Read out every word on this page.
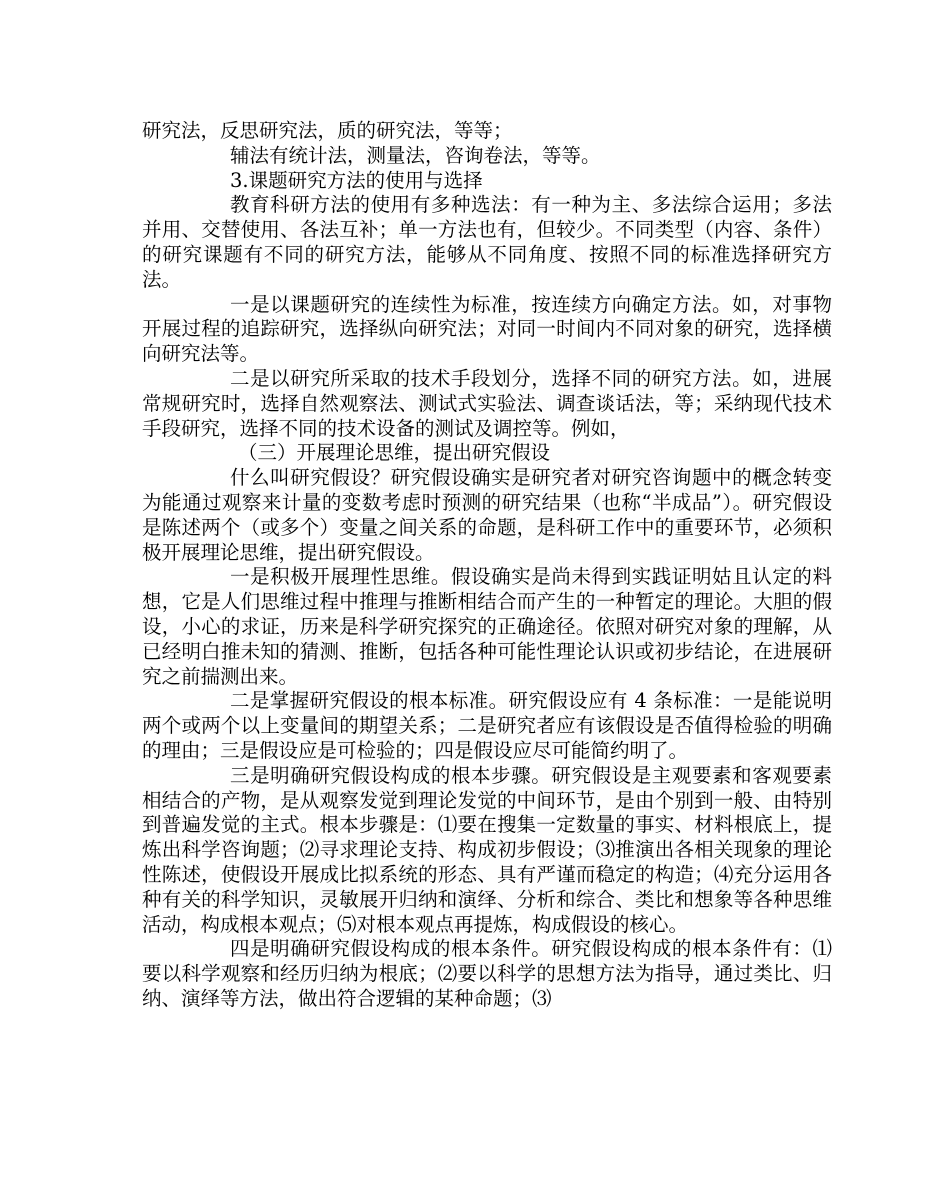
研究法，反思研究法，质的研究法，等等；

辅法有统计法，测量法，咨询卷法，等等。

3.课题研究方法的使用与选择

教育科研方法的使用有多种选法：有一种为主、多法综合运用；多法并用、交替使用、各法互补；单一方法也有，但较少。不同类型（内容、条件）的研究课题有不同的研究方法，能够从不同角度、按照不同的标准选择研究方法。

一是以课题研究的连续性为标准，按连续方向确定方法。如，对事物开展过程的追踪研究，选择纵向研究法；对同一时间内不同对象的研究，选择横向研究法等。

二是以研究所采取的技术手段划分，选择不同的研究方法。如，进展常规研究时，选择自然观察法、测试式实验法、调查谈话法，等；采纳现代技术手段研究，选择不同的技术设备的测试及调控等。例如，

（三）开展理论思维，提出研究假设

什么叫研究假设？研究假设确实是研究者对研究咨询题中的概念转变为能通过观察来计量的变数考虑时预测的研究结果（也称“半成品”）。研究假设是陈述两个（或多个）变量之间关系的命题，是科研工作中的重要环节，必须积极开展理论思维，提出研究假设。

一是积极开展理性思维。假设确实是尚未得到实践证明姑且认定的料想，它是人们思维过程中推理与推断相结合而产生的一种暂定的理论。大胆的假设，小心的求证，历来是科学研究探究的正确途径。依照对研究对象的理解，从已经明白推未知的猜测、推断，包括各种可能性理论认识或初步结论，在进展研究之前揣测出来。

二是掌握研究假设的根本标准。研究假设应有 4 条标准：一是能说明两个或两个以上变量间的期望关系；二是研究者应有该假设是否值得检验的明确的理由；三是假设应是可检验的；四是假设应尽可能简约明了。

三是明确研究假设构成的根本步骤。研究假设是主观要素和客观要素相结合的产物，是从观察发觉到理论发觉的中间环节，是由个别到一般、由特别到普遍发觉的主式。根本步骤是：⑴要在搜集一定数量的事实、材料根底上，提炼出科学咨询题；⑵寻求理论支持、构成初步假设；⑶推演出各相关现象的理论性陈述，使假设开展成比拟系统的形态、具有严谨而稳定的构造；⑷充分运用各种有关的科学知识，灵敏展开归纳和演绎、分析和综合、类比和想象等各种思维活动，构成根本观点；⑸对根本观点再提炼，构成假设的核心。

四是明确研究假设构成的根本条件。研究假设构成的根本条件有：⑴要以科学观察和经历归纳为根底；⑵要以科学的思想方法为指导，通过类比、归纳、演绎等方法，做出符合逻辑的某种命题；⑶
